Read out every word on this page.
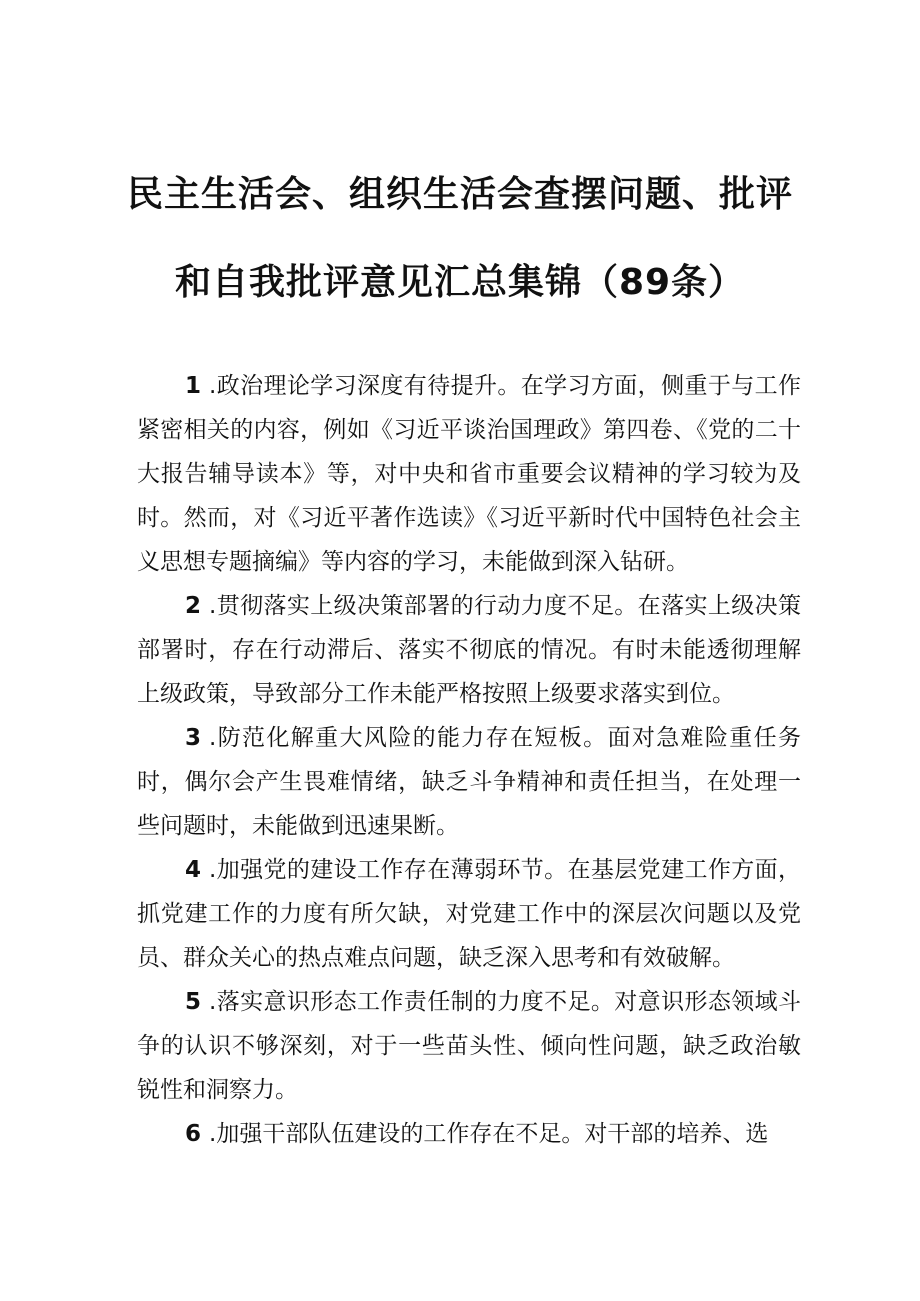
民主生活会、组织生活会查摆问题、批评
和自我批评意见汇总集锦（89条）

1 .政治理论学习深度有待提升。在学习方面，侧重于与工作紧密相关的内容，例如《习近平谈治国理政》第四卷、《党的二十大报告辅导读本》等，对中央和省市重要会议精神的学习较为及时。然而，对《习近平著作选读》《习近平新时代中国特色社会主义思想专题摘编》等内容的学习，未能做到深入钻研。

2 .贯彻落实上级决策部署的行动力度不足。在落实上级决策部署时，存在行动滞后、落实不彻底的情况。有时未能透彻理解上级政策，导致部分工作未能严格按照上级要求落实到位。

3 .防范化解重大风险的能力存在短板。面对急难险重任务时，偶尔会产生畏难情绪，缺乏斗争精神和责任担当，在处理一些问题时，未能做到迅速果断。

4 .加强党的建设工作存在薄弱环节。在基层党建工作方面，抓党建工作的力度有所欠缺，对党建工作中的深层次问题以及党员、群众关心的热点难点问题，缺乏深入思考和有效破解。

5 .落实意识形态工作责任制的力度不足。对意识形态领域斗争的认识不够深刻，对于一些苗头性、倾向性问题，缺乏政治敏锐性和洞察力。

6 .加强干部队伍建设的工作存在不足。对干部的培养、选
